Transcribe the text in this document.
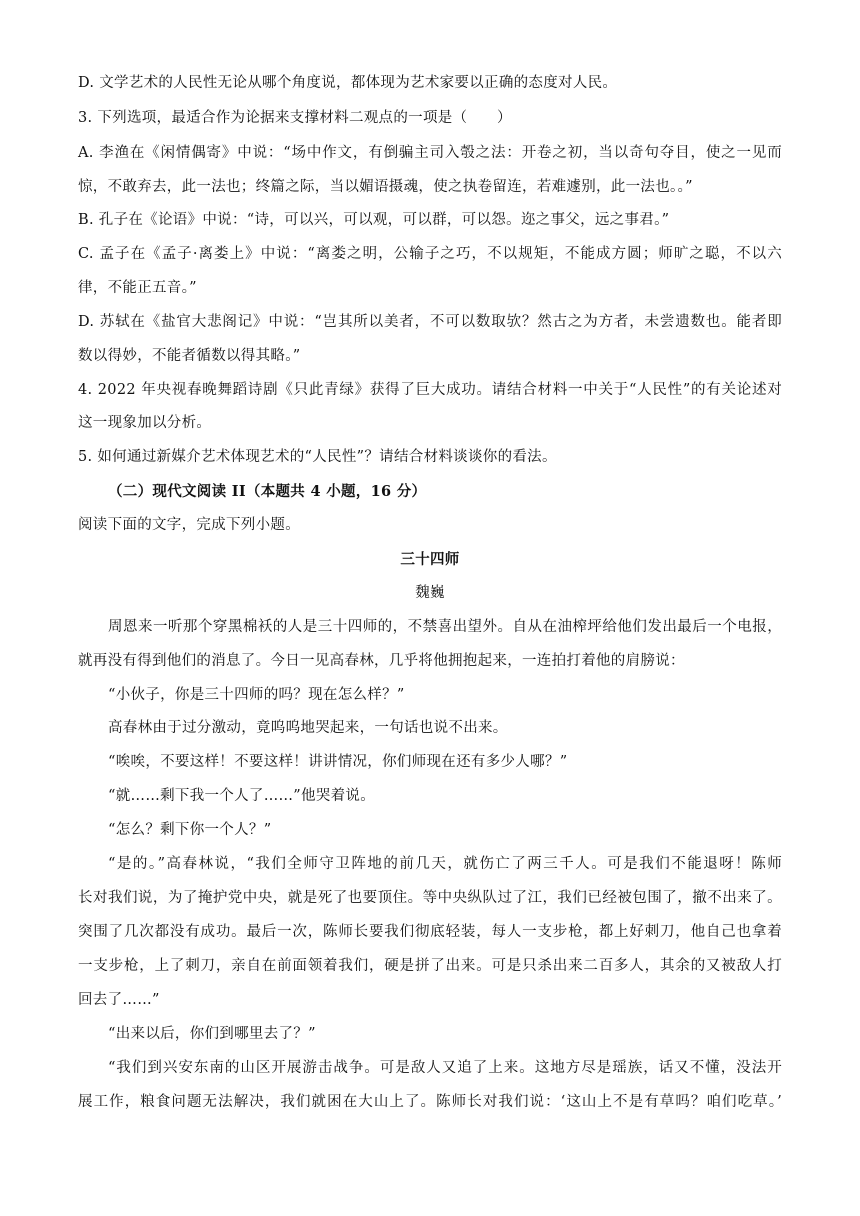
D. 文学艺术的人民性无论从哪个角度说，都体现为艺术家要以正确的态度对人民。
3. 下列选项，最适合作为论据来支撑材料二观点的一项是（　　）
A. 李渔在《闲情偶寄》中说：“场中作文，有倒骗主司入彀之法：开卷之初，当以奇句夺目，使之一见而
惊，不敢弃去，此一法也；终篇之际，当以媚语摄魂，使之执卷留连，若难遽别，此一法也。。”
B. 孔子在《论语》中说：“诗，可以兴，可以观，可以群，可以怨。迩之事父，远之事君。”
C. 孟子在《孟子·离娄上》中说：“离娄之明，公输子之巧，不以规矩，不能成方圆；师旷之聪，不以六
律，不能正五音。”
D. 苏轼在《盐官大悲阁记》中说：“岂其所以美者，不可以数取欤？然古之为方者，未尝遗数也。能者即
数以得妙，不能者循数以得其略。”
4. 2022 年央视春晚舞蹈诗剧《只此青绿》获得了巨大成功。请结合材料一中关于“人民性”的有关论述对
这一现象加以分析。
5. 如何通过新媒介艺术体现艺术的“人民性”？请结合材料谈谈你的看法。
（二）现代文阅读 II（本题共 4 小题，16 分）
阅读下面的文字，完成下列小题。
三十四师
魏巍
周恩来一听那个穿黑棉袄的人是三十四师的，不禁喜出望外。自从在油榨坪给他们发出最后一个电报，
就再没有得到他们的消息了。今日一见高春林，几乎将他拥抱起来，一连拍打着他的肩膀说：
“小伙子，你是三十四师的吗？现在怎么样？”
高春林由于过分激动，竟呜呜地哭起来，一句话也说不出来。
“唉唉，不要这样！不要这样！讲讲情况，你们师现在还有多少人哪？”
“就……剩下我一个人了……”他哭着说。
“怎么？剩下你一个人？”
“是的。”高春林说，“我们全师守卫阵地的前几天，就伤亡了两三千人。可是我们不能退呀！陈师
长对我们说，为了掩护党中央，就是死了也要顶住。等中央纵队过了江，我们已经被包围了，撤不出来了。
突围了几次都没有成功。最后一次，陈师长要我们彻底轻装，每人一支步枪，都上好刺刀，他自己也拿着
一支步枪，上了刺刀，亲自在前面领着我们，硬是拼了出来。可是只杀出来二百多人，其余的又被敌人打
回去了……”
“出来以后，你们到哪里去了？”
“我们到兴安东南的山区开展游击战争。可是敌人又追了上来。这地方尽是瑶族，话又不懂，没法开
展工作，粮食问题无法解决，我们就困在大山上了。陈师长对我们说：‘这山上不是有草吗？咱们吃草。’
